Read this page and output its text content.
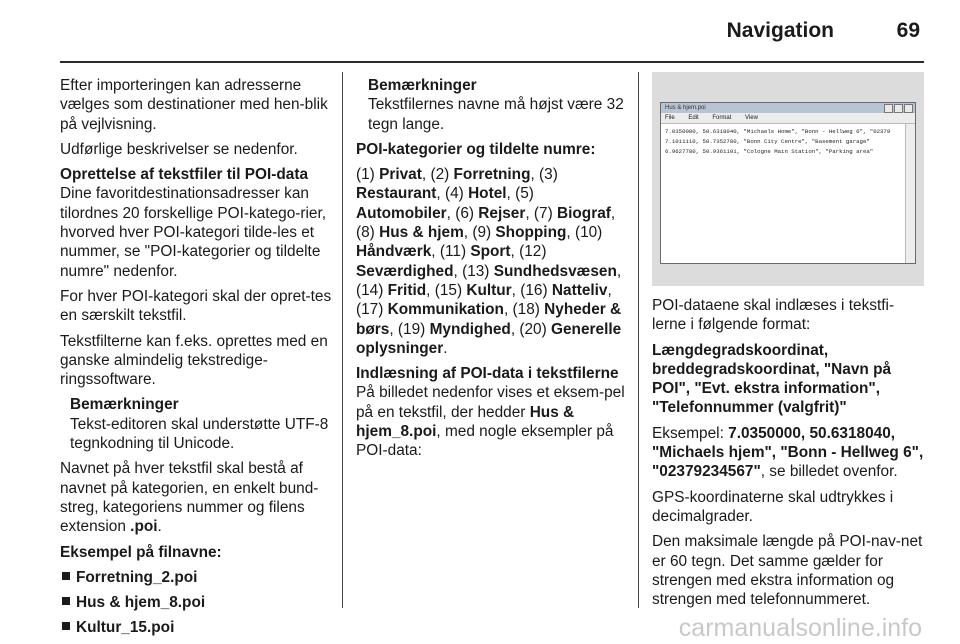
Navigation	69

Efter importeringen kan adresserne vælges som destinationer med hen-blik på vejlvisning.

Udførlige beskrivelser se nedenfor.

Oprettelse af tekstfiler til POI-data

Dine favoritdestinationsadresser kan tilordnes 20 forskellige POI-katego-rier, hvorved hver POI-kategori tilde-les et nummer, se "POI-kategorier og tildelte numre" nedenfor.

For hver POI-kategori skal der opret-tes en særskilt tekstfil.

Tekstfilterne kan f.eks. oprettes med en ganske almindelig tekstredige-ringssoftware.

Bemærkninger
Tekst-editoren skal understøtte UTF-8 tegnkodning til Unicode.

Navnet på hver tekstfil skal bestå af navnet på kategorien, en enkelt bund-streg, kategoriens nummer og filens extension .poi.

Eksempel på filnavne:
Forretning_2.poi
Hus & hjem_8.poi
Kultur_15.poi
Bemærkninger
Tekstfilernes navne må højst være 32 tegn lange.
POI-kategorier og tildelte numre:

(1) Privat, (2) Forretning, (3) Restaurant, (4) Hotel, (5) Automobiler, (6) Rejser, (7) Biograf, (8) Hus & hjem, (9) Shopping, (10) Håndværk, (11) Sport, (12) Seværdighed, (13) Sundhedsvæsen, (14) Fritid, (15) Kultur, (16) Natteliv, (17) Kommunikation, (18) Nyheder & børs, (19) Myndighed, (20) Generelle oplysninger.

Indlæsning af POI-data i tekstfilerne

På billedet nedenfor vises et eksem-pel på en tekstfil, der hedder Hus & hjem_8.poi, med nogle eksempler på POI-data:

Hus & hjem.poi
File Edit Format View
7.0350000, 50.6318040, "Michaels Home", "Bonn - Hellweg 6", "02379
7.1011110, 50.7352780, "Bonn City Centre", "Basement garage"
6.9627780, 50.9361101, "Cologne Main Station", "Parking area"

POI-dataene skal indlæses i tekstfi-lerne i følgende format:

Længdegradskoordinat, breddegradskoordinat, "Navn på POI", "Evt. ekstra information", "Telefonnummer (valgfrit)"

Eksempel: 7.0350000, 50.6318040, "Michaels hjem", "Bonn - Hellweg 6", "02379234567", se billedet ovenfor.

GPS-koordinaterne skal udtrykkes i decimalgrader.

Den maksimale længde på POI-nav-net er 60 tegn. Det samme gælder for strengen med ekstra information og strengen med telefonnummeret.

carmanualsonline.info
